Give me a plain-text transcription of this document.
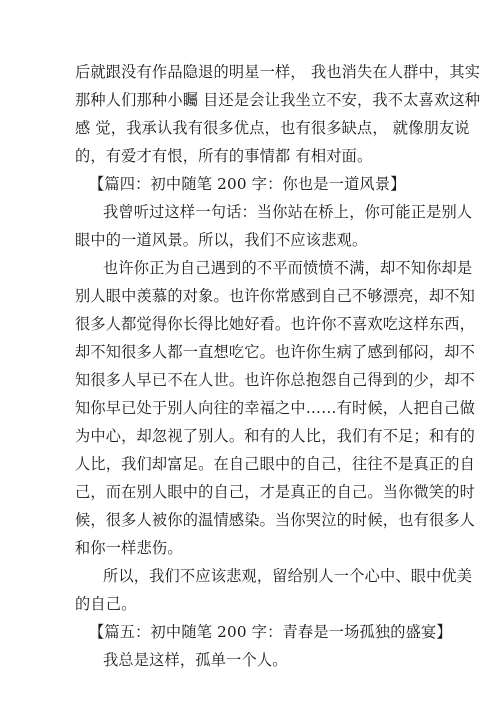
后就跟没有作品隐退的明星一样， 我也消失在人群中，其实
那种人们那种小矚 目还是会让我坐立不安，我不太喜欢这种
感 觉，我承认我有很多优点，也有很多缺点， 就像朋友说
的，有爱才有恨，所有的事情都 有相对面。
【篇四：初中随笔 200 字：你也是一道风景】
我曾听过这样一句话：当你站在桥上，你可能正是别人
眼中的一道风景。所以，我们不应该悲观。
也许你正为自己遇到的不平而愤愤不满，却不知你却是
别人眼中羡慕的对象。也许你常感到自己不够漂亮，却不知
很多人都觉得你长得比她好看。也许你不喜欢吃这样东西，
却不知很多人都一直想吃它。也许你生病了感到郁闷，却不
知很多人早已不在人世。也许你总抱怨自己得到的少，却不
知你早已处于别人向往的幸福之中……有时候，人把自己做
为中心，却忽视了别人。和有的人比，我们有不足；和有的
人比，我们却富足。在自己眼中的自己，往往不是真正的自
己，而在别人眼中的自己，才是真正的自己。当你微笑的时
候，很多人被你的温情感染。当你哭泣的时候，也有很多人
和你一样悲伤。
所以，我们不应该悲观，留给别人一个心中、眼中优美
的自己。
【篇五：初中随笔 200 字：青春是一场孤独的盛宴】
我总是这样，孤单一个人。
